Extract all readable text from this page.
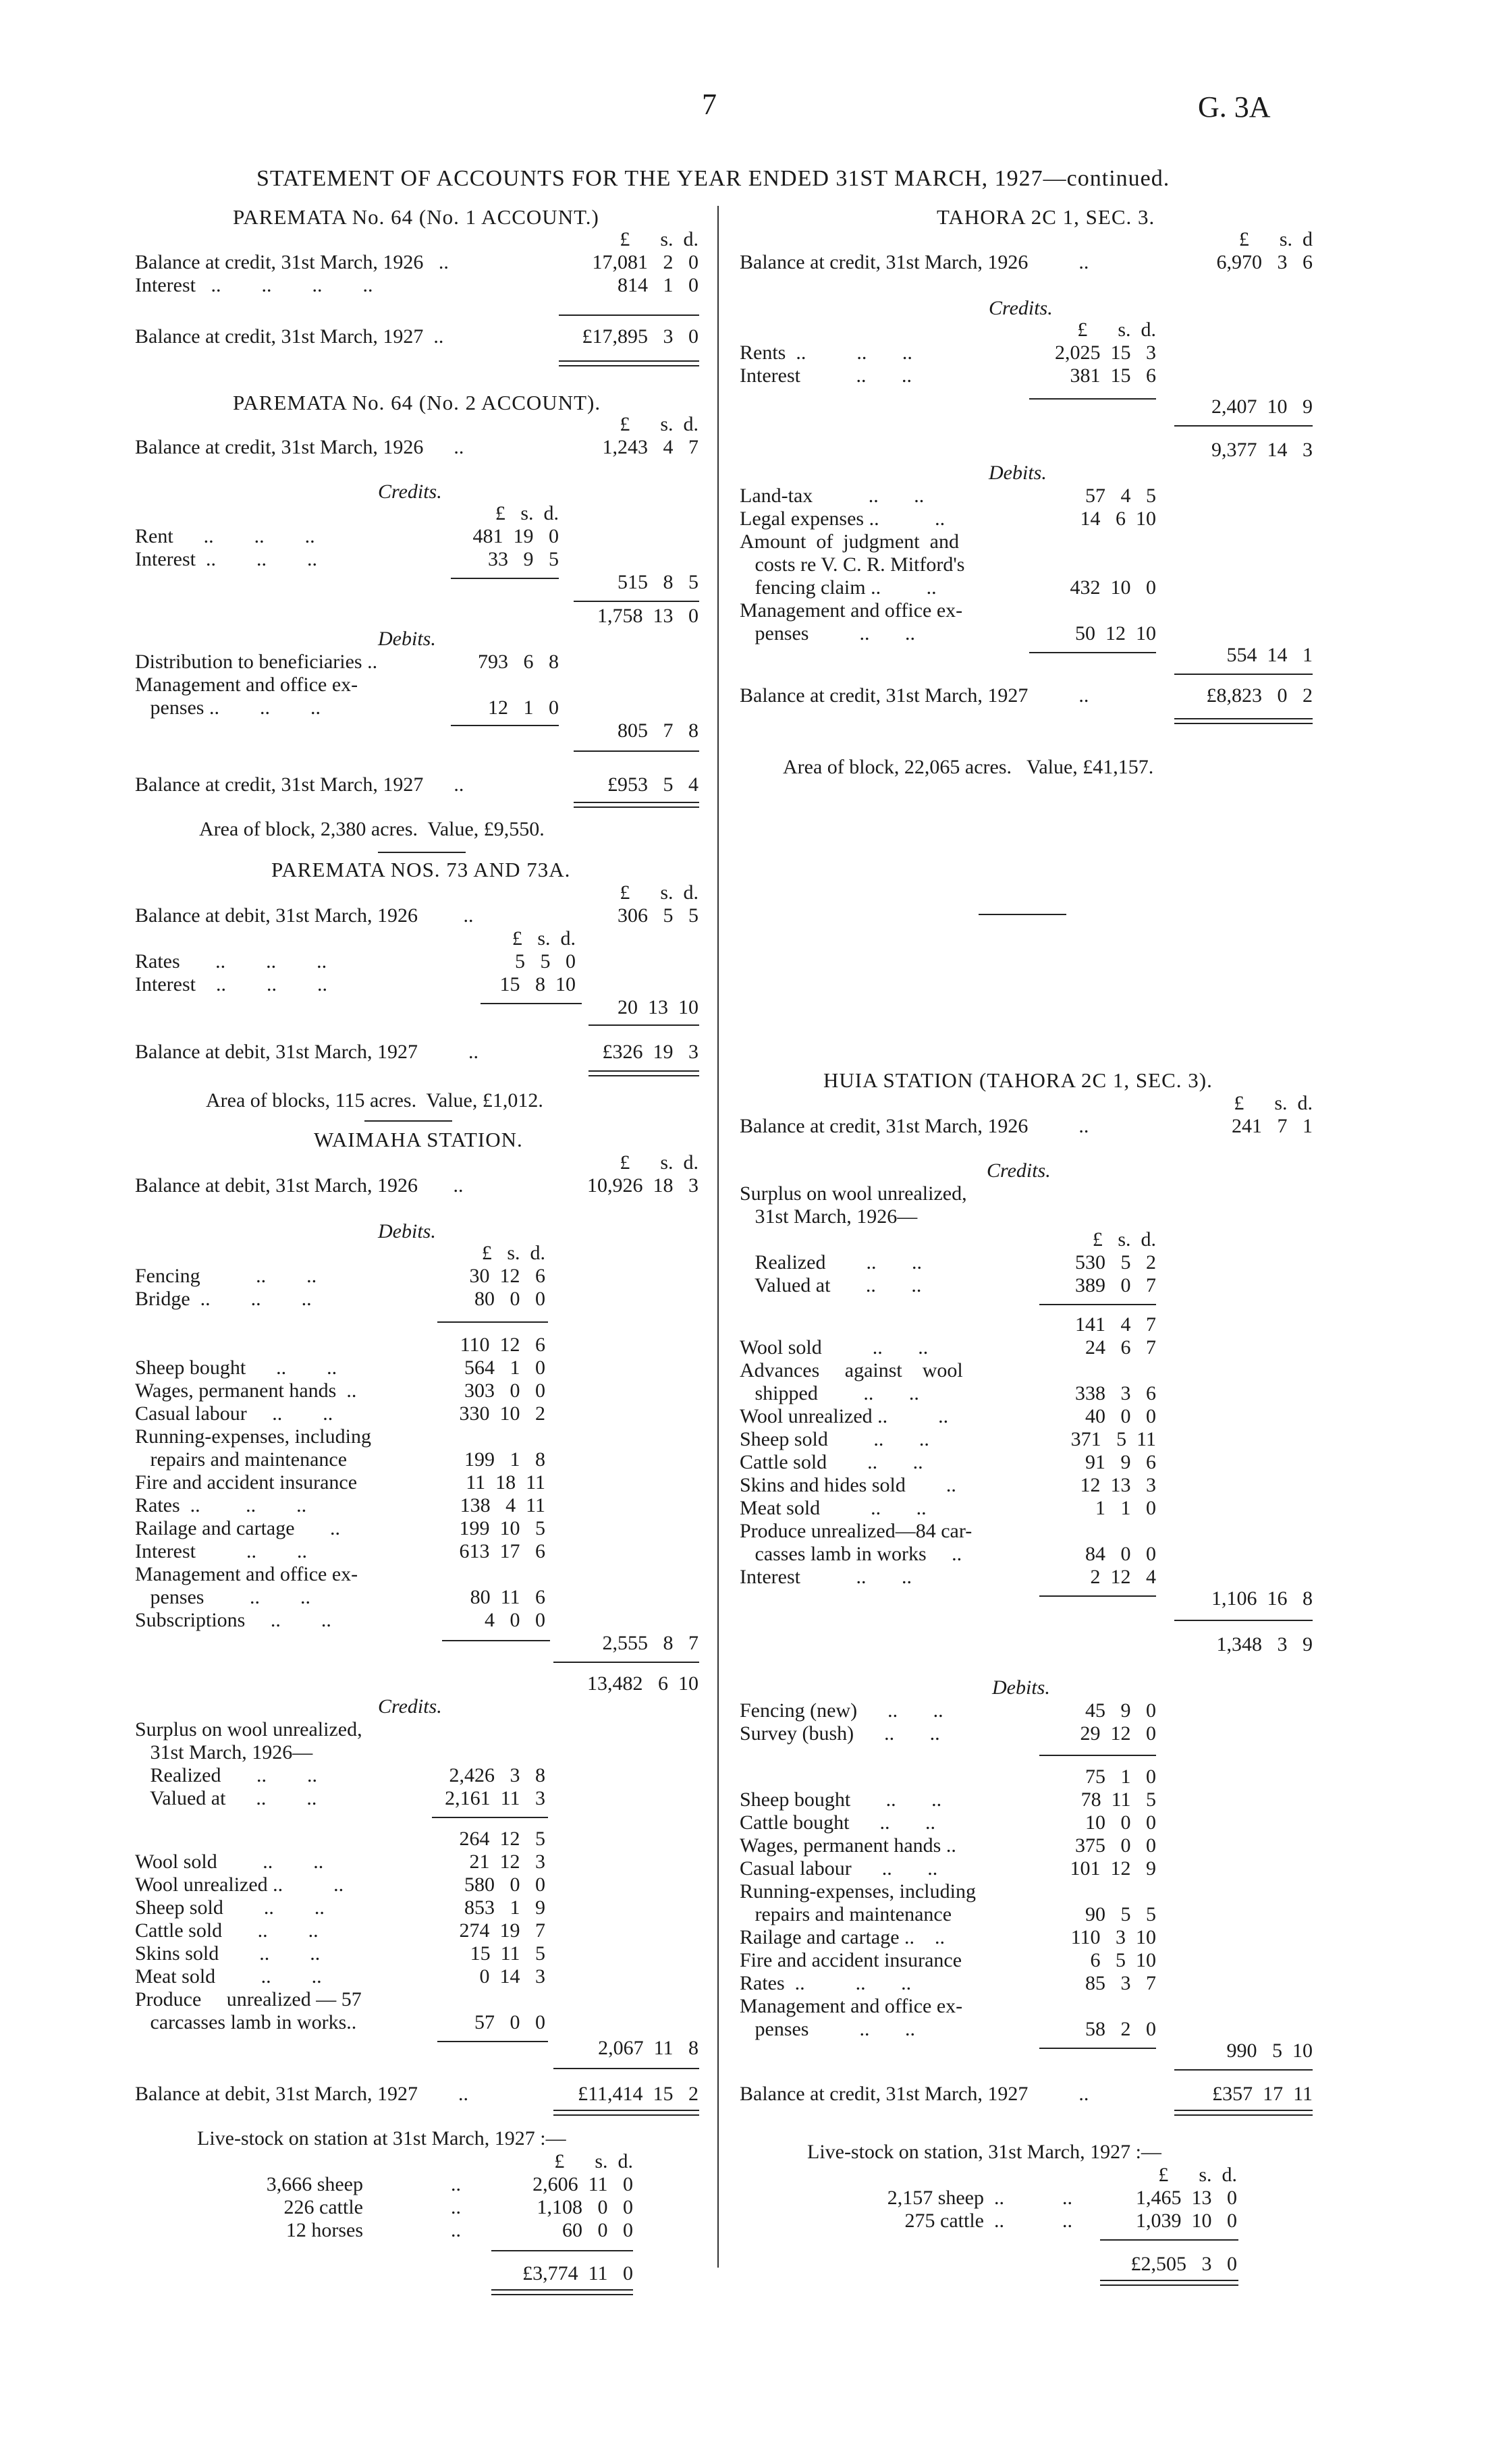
7	G. 3A
STATEMENT OF ACCOUNTS FOR THE YEAR ENDED 31ST MARCH, 1927—continued.
PAREMATA No. 64 (No. 1 ACCOUNT.)
£      s.  d.
Balance at credit, 31st March, 1926   ..	17,081   2   0
Interest   ..        ..        ..        ..	814   1   0
Balance at credit, 31st March, 1927  ..	£17,895   3   0
PAREMATA No. 64 (No. 2 ACCOUNT).
£      s.  d.
Balance at credit, 31st March, 1926      ..	1,243   4   7
Credits.
£   s.  d.
Rent      ..        ..        ..	481  19   0
Interest  ..        ..        ..	33   9   5
515   8   5
1,758  13   0
Debits.
Distribution to beneficiaries ..	793   6   8
Management and office ex-
penses ..        ..        ..	12   1   0
805   7   8
Balance at credit, 31st March, 1927      ..	£953   5   4
Area of block, 2,380 acres.  Value, £9,550.
PAREMATA NOS. 73 AND 73A.
£      s.  d.
Balance at debit, 31st March, 1926         ..	306   5   5
£   s.  d.
Rates       ..        ..        ..	5   5   0
Interest    ..        ..        ..	15   8  10
20  13  10
Balance at debit, 31st March, 1927          ..	£326  19   3
Area of blocks, 115 acres.  Value, £1,012.
WAIMAHA STATION.
£      s.  d.
Balance at debit, 31st March, 1926       ..	10,926  18   3
Debits.
£   s.  d.
Fencing           ..        ..	30  12   6
Bridge  ..        ..        ..	80   0   0
110  12   6
Sheep bought      ..        ..	564   1   0
Wages, permanent hands  ..	303   0   0
Casual labour     ..        ..	330  10   2
Running-expenses, including
repairs and maintenance	199   1   8
Fire and accident insurance	11  18  11
Rates  ..         ..        ..	138   4  11
Railage and cartage       ..	199  10   5
Interest          ..        ..	613  17   6
Management and office ex-
penses         ..        ..	80  11   6
Subscriptions     ..        ..	4   0   0
2,555   8   7
13,482   6  10
Credits.
Surplus on wool unrealized,
31st March, 1926—
Realized       ..        ..	2,426   3   8
Valued at      ..        ..	2,161  11   3
264  12   5
Wool sold         ..        ..	21  12   3
Wool unrealized ..          ..	580   0   0
Sheep sold        ..        ..	853   1   9
Cattle sold       ..        ..	274  19   7
Skins sold        ..        ..	15  11   5
Meat sold         ..        ..	0  14   3
Produce     unrealized — 57
carcasses lamb in works..	57   0   0
2,067  11   8
Balance at debit, 31st March, 1927        ..	£11,414  15   2
Live-stock on station at 31st March, 1927 :—
£      s.  d.
3,666 sheep	..	2,606  11   0
226 cattle	..	1,108   0   0
12 horses	..	60   0   0
£3,774  11   0
TAHORA 2C 1, SEC. 3.
£      s.  d
Balance at credit, 31st March, 1926          ..	6,970   3   6
Credits.
£      s.  d.
Rents  ..          ..       ..	2,025  15   3
Interest           ..       ..	381  15   6
2,407  10   9
9,377  14   3
Debits.
Land-tax           ..       ..	57   4   5
Legal expenses ..           ..	14   6  10
Amount  of  judgment  and
costs re V. C. R. Mitford's
fencing claim ..         ..	432  10   0
Management and office ex-
penses          ..       ..	50  12  10
554  14   1
Balance at credit, 31st March, 1927          ..	£8,823   0   2
Area of block, 22,065 acres.   Value, £41,157.
HUIA STATION (TAHORA 2C 1, SEC. 3).
£      s.  d.
Balance at credit, 31st March, 1926          ..	241   7   1
Credits.
Surplus on wool unrealized,
31st March, 1926—
£   s.  d.
Realized        ..       ..	530   5   2
Valued at       ..       ..	389   0   7
141   4   7
Wool sold          ..       ..	24   6   7
Advances     against    wool
shipped         ..       ..	338   3   6
Wool unrealized ..          ..	40   0   0
Sheep sold         ..       ..	371   5  11
Cattle sold        ..       ..	91   9   6
Skins and hides sold        ..	12  13   3
Meat sold          ..       ..	1   1   0
Produce unrealized—84 car-
casses lamb in works     ..	84   0   0
Interest           ..       ..	2  12   4
1,106  16   8
1,348   3   9
Debits.
Fencing (new)      ..       ..	45   9   0
Survey (bush)      ..       ..	29  12   0
75   1   0
Sheep bought       ..       ..	78  11   5
Cattle bought      ..       ..	10   0   0
Wages, permanent hands ..	375   0   0
Casual labour      ..       ..	101  12   9
Running-expenses, including
repairs and maintenance	90   5   5
Railage and cartage ..    ..	110   3  10
Fire and accident insurance	6   5  10
Rates  ..          ..       ..	85   3   7
Management and office ex-
penses          ..       ..	58   2   0
990   5  10
Balance at credit, 31st March, 1927          ..	£357  17  11
Live-stock on station, 31st March, 1927 :—
£      s.  d.
2,157 sheep  ..	..	1,465  13   0
275 cattle  ..	..	1,039  10   0
£2,505   3   0
